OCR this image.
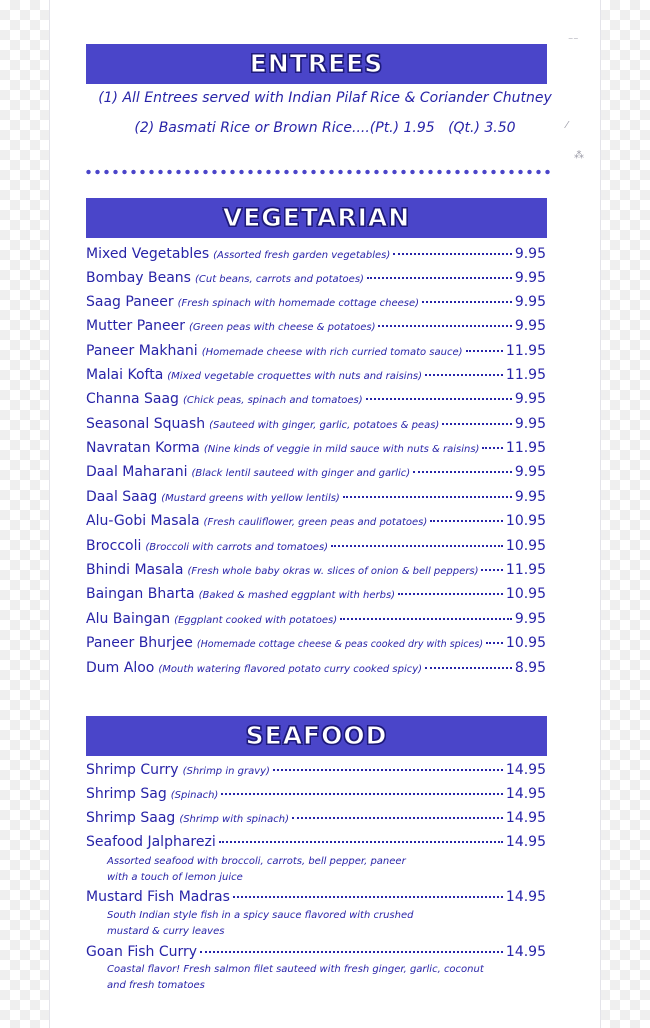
ENTREES
(1) All Entrees served with Indian Pilaf Rice & Coriander Chutney
(2) Basmati Rice or Brown Rice....(Pt.) 1.95   (Qt.) 3.50
VEGETARIAN
Mixed Vegetables (Assorted fresh garden vegetables)	9.95
Bombay Beans (Cut beans, carrots and potatoes)	9.95
Saag Paneer (Fresh spinach with homemade cottage cheese)	9.95
Mutter Paneer (Green peas with cheese & potatoes)	9.95
Paneer Makhani (Homemade cheese with rich curried tomato sauce)	11.95
Malai Kofta (Mixed vegetable croquettes with nuts and raisins)	11.95
Channa Saag (Chick peas, spinach and tomatoes)	9.95
Seasonal Squash (Sauteed with ginger, garlic, potatoes & peas)	9.95
Navratan Korma (Nine kinds of veggie in mild sauce with nuts & raisins) 11.95
Daal Maharani (Black lentil sauteed with ginger and garlic)	9.95
Daal Saag (Mustard greens with yellow lentils)	9.95
Alu-Gobi Masala (Fresh cauliflower, green peas and potatoes)	10.95
Broccoli (Broccoli with carrots and tomatoes)	10.95
Bhindi Masala (Fresh whole baby okras w. slices of onion & bell peppers) 11.95
Baingan Bharta (Baked & mashed eggplant with herbs)	10.95
Alu Baingan (Eggplant cooked with potatoes)	9.95
Paneer Bhurjee (Homemade cottage cheese & peas cooked dry with spices) 10.95
Dum Aloo (Mouth watering flavored potato curry cooked spicy)	8.95
SEAFOOD
Shrimp Curry (Shrimp in gravy)	14.95
Shrimp Sag (Spinach)	14.95
Shrimp Saag (Shrimp with spinach)	14.95
Seafood Jalpharezi	14.95
Assorted seafood with broccoli, carrots, bell pepper, paneer
with a touch of lemon juice
Mustard Fish Madras	14.95
South Indian style fish in a spicy sauce flavored with crushed
mustard & curry leaves
Goan Fish Curry	14.95
Coastal flavor! Fresh salmon filet sauteed with fresh ginger, garlic, coconut
and fresh tomatoes
⁻⁻
⁄
⁂
